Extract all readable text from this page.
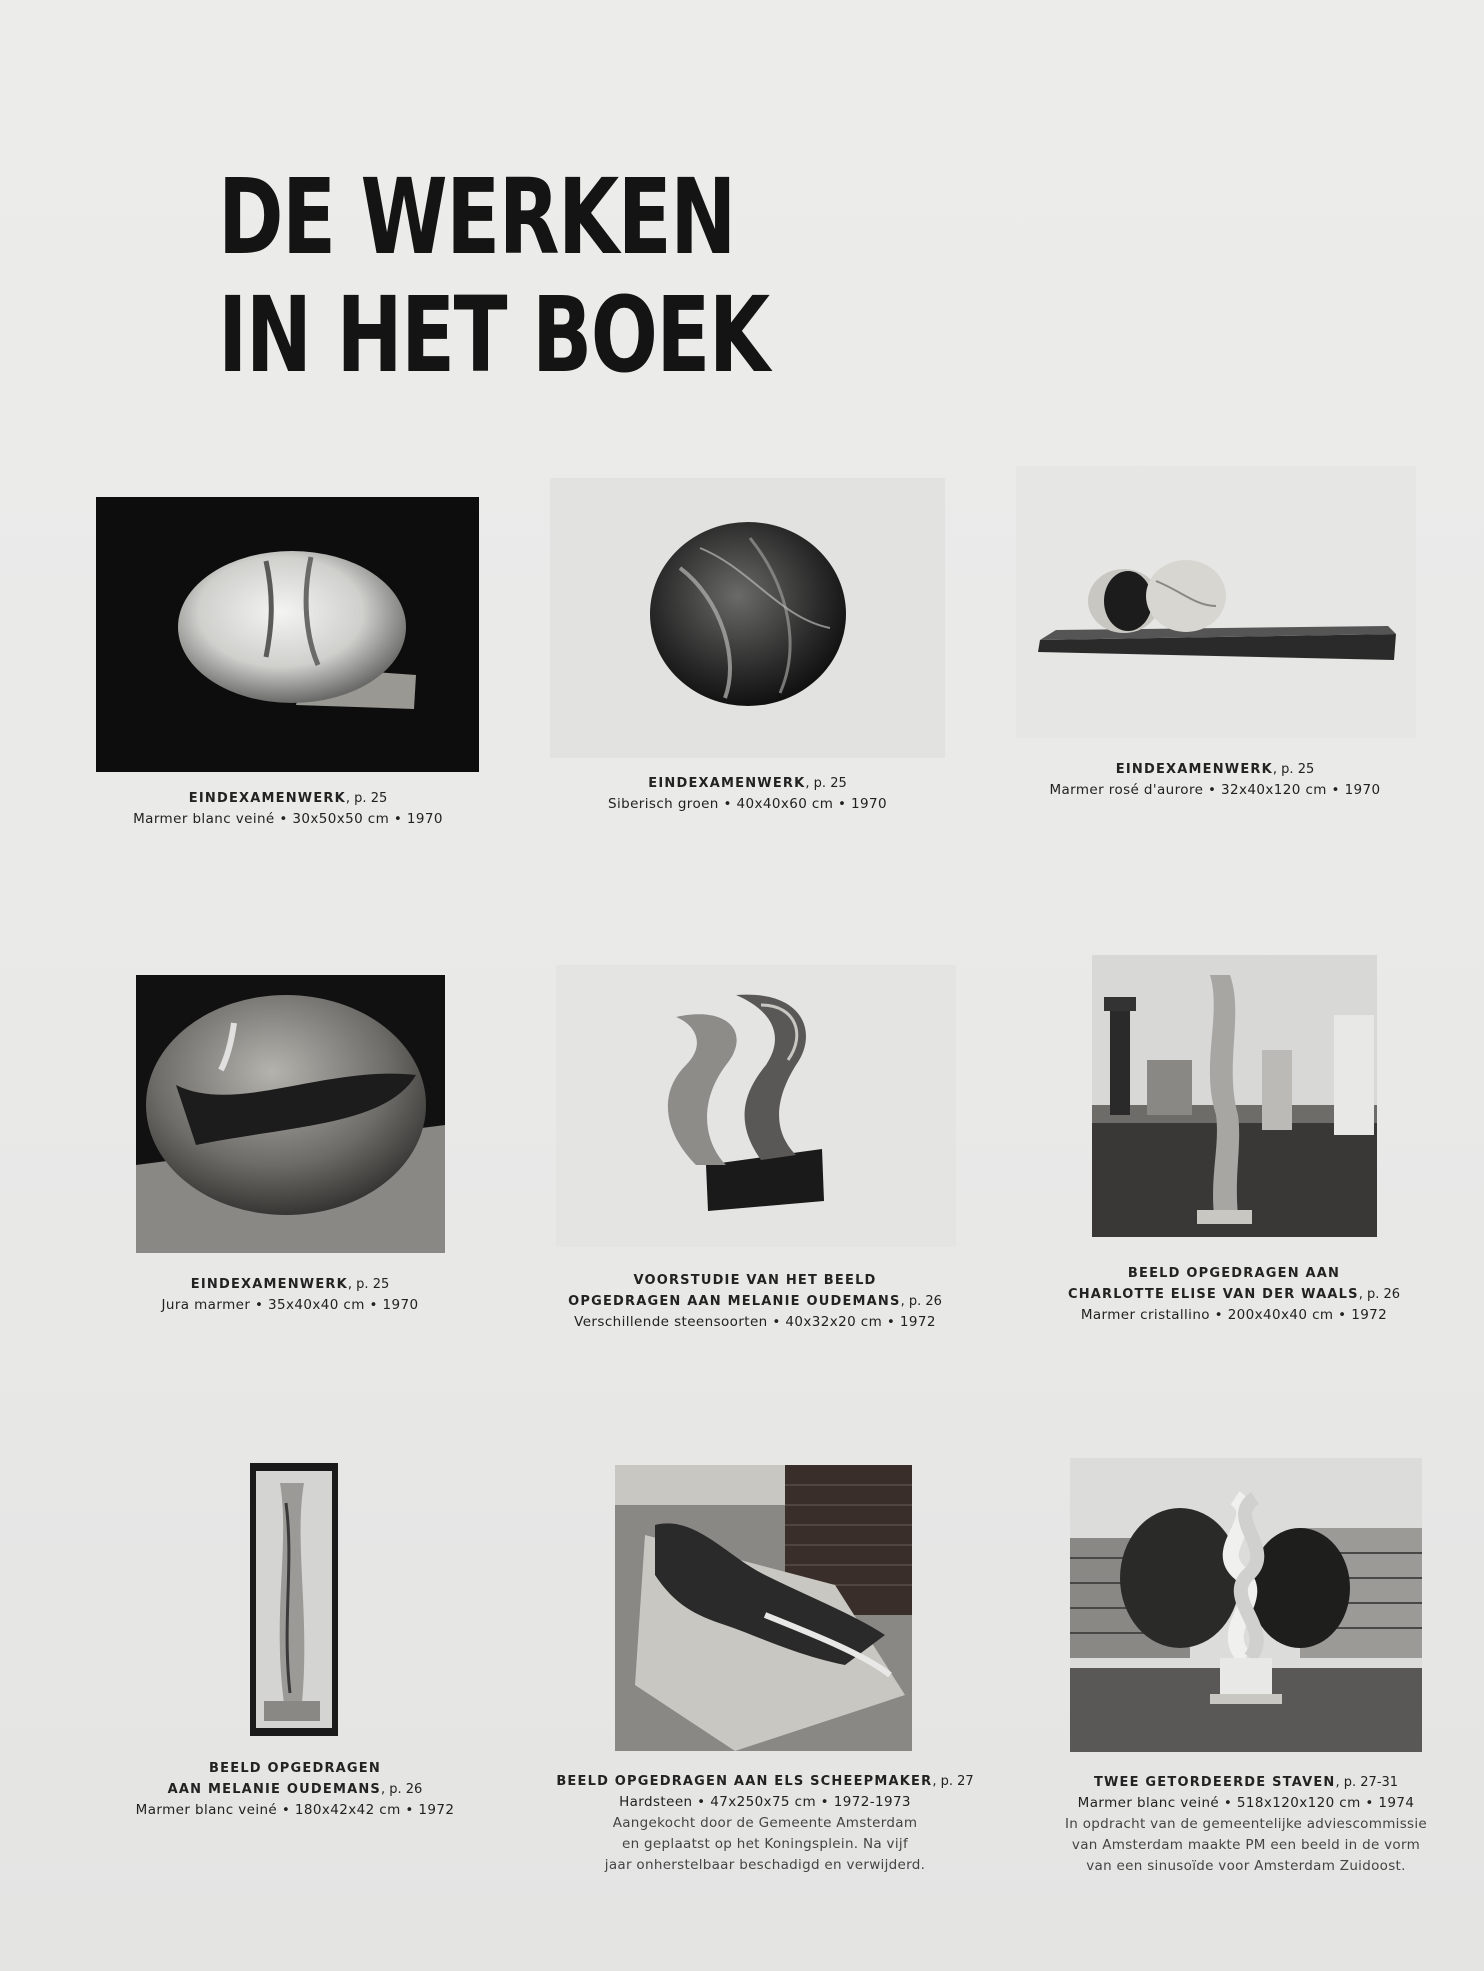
DE WERKEN
IN HET BOEK
EINDEXAMENWERK, p. 25
Marmer blanc veiné • 30x50x50 cm • 1970
EINDEXAMENWERK, p. 25
Siberisch groen • 40x40x60 cm • 1970
EINDEXAMENWERK, p. 25
Marmer rosé d'aurore • 32x40x120 cm • 1970
EINDEXAMENWERK, p. 25
Jura marmer • 35x40x40 cm • 1970
VOORSTUDIE VAN HET BEELD
OPGEDRAGEN AAN MELANIE OUDEMANS, p. 26
Verschillende steensoorten • 40x32x20 cm • 1972
BEELD OPGEDRAGEN AAN
CHARLOTTE ELISE VAN DER WAALS, p. 26
Marmer cristallino • 200x40x40 cm • 1972
BEELD OPGEDRAGEN
AAN MELANIE OUDEMANS, p. 26
Marmer blanc veiné • 180x42x42 cm • 1972
BEELD OPGEDRAGEN AAN ELS SCHEEPMAKER, p. 27
Hardsteen • 47x250x75 cm • 1972-1973
Aangekocht door de Gemeente Amsterdam
en geplaatst op het Koningsplein. Na vijf
jaar onherstelbaar beschadigd en verwijderd.
TWEE GETORDEERDE STAVEN, p. 27-31
Marmer blanc veiné • 518x120x120 cm • 1974
In opdracht van de gemeentelijke adviescommissie
van Amsterdam maakte PM een beeld in de vorm
van een sinusoïde voor Amsterdam Zuidoost.
